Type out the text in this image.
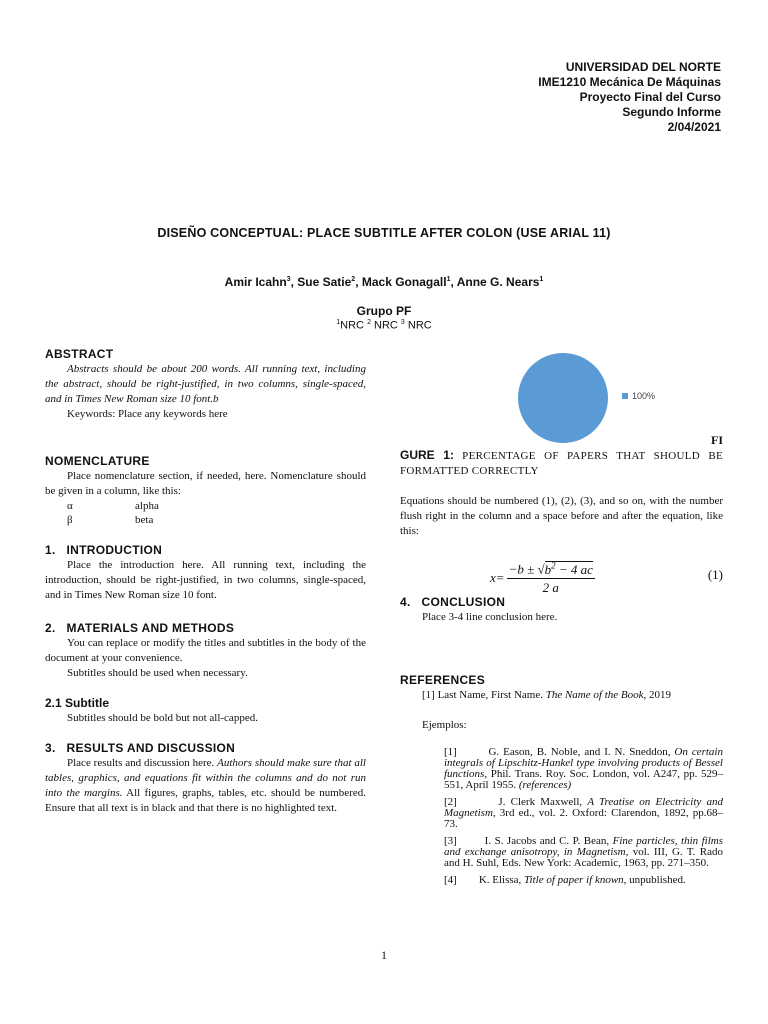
UNIVERSIDAD DEL NORTE
IME1210 Mecánica De Máquinas
Proyecto Final del Curso
Segundo Informe
2/04/2021
DISEÑO CONCEPTUAL: PLACE SUBTITLE AFTER COLON (USE ARIAL 11)
Amir Icahn$^3$, Sue Satie$^2$, Mack Gonagall$^1$, Anne G. Nears$^1$
Grupo PF
$^1$NRC $^2$ NRC $^3$ NRC
ABSTRACT

Abstracts should be about 200 words. All running text, including the abstract, should be right-justified, in two columns, single-spaced, and in Times New Roman size 10 font.b

Keywords: Place any keywords here

NOMENCLATURE

Place nomenclature section, if needed, here. Nomenclature should be given in a column, like this:

α	alpha
β	beta
1.   INTRODUCTION

Place the introduction here. All running text, including the introduction, should be right-justified, in two columns, single-spaced, and in Times New Roman size 10 font.

2.   MATERIALS AND METHODS

You can replace or modify the titles and subtitles in the body of the document at your convenience.

Subtitles should be used when necessary.

2.1 Subtitle

Subtitles should be bold but not all-capped.

3.   RESULTS AND DISCUSSION

Place results and discussion here. Authors should make sure that all tables, graphics, and equations fit within the columns and do not run into the margins. All figures, graphs, tables, etc. should be numbered. Ensure that all text is in black and that there is no highlighted text.

100%
FI

GURE 1: PERCENTAGE OF PAPERS THAT SHOULD BE FORMATTED CORRECTLY

Equations should be numbered (1), (2), (3), and so on, with the number flush right in the column and a space before and after the equation, like this:

$x= \frac{-b \pm √b^2 - 4 ac}{2 a}$	(1)
4.   CONCLUSION

Place 3-4 line conclusion here.

REFERENCES

[1] Last Name, First Name. The Name of the Book, 2019

Ejemplos:

[1]        G. Eason, B. Noble, and I. N. Sneddon, On certain integrals of Lipschitz-Hankel type involving products of Bessel functions, Phil. Trans. Roy. Soc. London, vol. A247, pp. 529–551, April 1955. (references)

[2]        J. Clerk Maxwell, A Treatise on Electricity and Magnetism, 3rd ed., vol. 2. Oxford: Clarendon, 1892, pp.68–73.

[3]        I. S. Jacobs and C. P. Bean, Fine particles, thin films and exchange anisotropy, in Magnetism, vol. III, G. T. Rado and H. Suhl, Eds. New York: Academic, 1963, pp. 271–350.

[4]        K. Elissa, Title of paper if known, unpublished.

1
